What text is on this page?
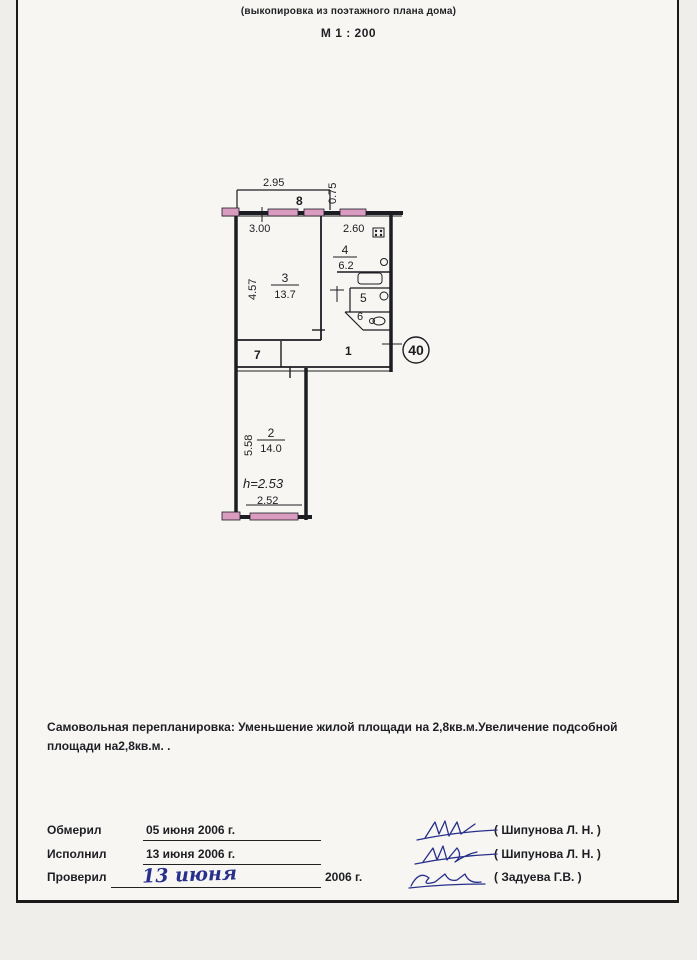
(выкопировка из поэтажного плана дома)
М 1 : 200
40
2.95	0.75
3.00	2.60
4.57
5.58
2.52
h=2.53
8
3
13.7
4
6.2
5
6
7	1
2
14.0
Самовольная перепланировка: Уменьшение жилой площади на 2,8кв.м.Увеличение подсобной площади на2,8кв.м. .
Обмерил	05 июня 2006 г.	( Шипунова Л. Н. )
Исполнил	13 июня 2006 г.	( Шипунова Л. Н. )
Проверил 13 июня	2006 г.	( Задуева Г.В. )
